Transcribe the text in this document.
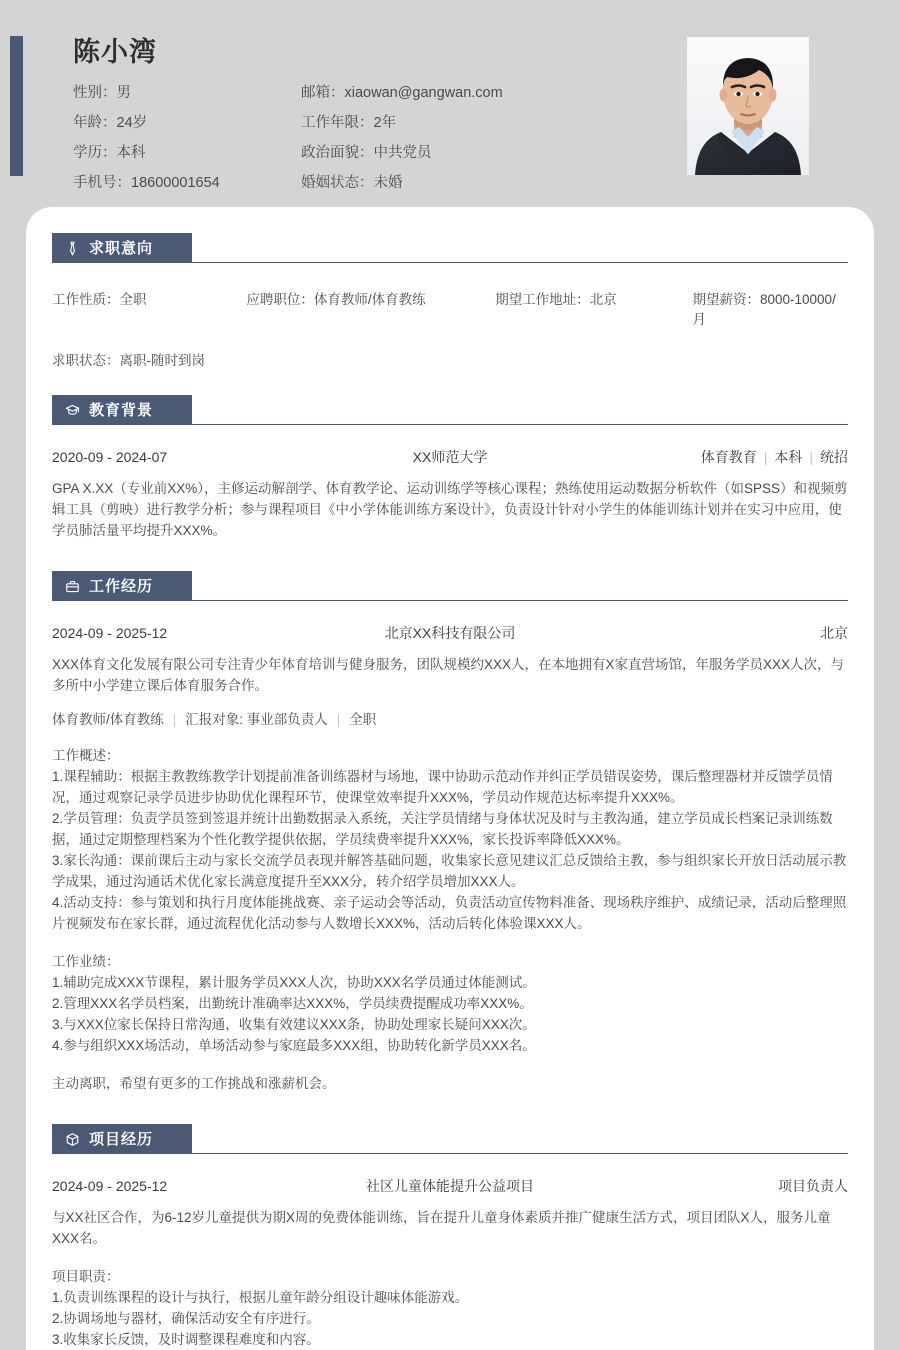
陈小湾
性别：男	邮箱：xiaowan@gangwan.com
年龄：24岁	工作年限：2年
学历：本科	政治面貌：中共党员
手机号：18600001654	婚姻状态：未婚
求职意向
工作性质：全职	应聘职位：体育教师/体育教练	期望工作地址：北京	期望薪资：8000-10000/月
求职状态：离职-随时到岗
教育背景
2020-09 - 2024-07	XX师范大学	体育教育 | 本科 | 统招

GPA X.XX（专业前XX%），主修运动解剖学、体育教学论、运动训练学等核心课程；熟练使用运动数据分析软件（如SPSS）和视频剪辑工具（剪映）进行教学分析；参与课程项目《中小学体能训练方案设计》，负责设计针对小学生的体能训练计划并在实习中应用，使学员肺活量平均提升XXX%。

工作经历
2024-09 - 2025-12	北京XX科技有限公司	北京

XXX体育文化发展有限公司专注青少年体育培训与健身服务，团队规模约XXX人，在本地拥有X家直营场馆，年服务学员XXX人次，与多所中小学建立课后体育服务合作。

体育教师/体育教练 | 汇报对象: 事业部负责人 | 全职

工作概述：

1.课程辅助：根据主教教练教学计划提前准备训练器材与场地，课中协助示范动作并纠正学员错误姿势，课后整理器材并反馈学员情况，通过观察记录学员进步协助优化课程环节，使课堂效率提升XXX%，学员动作规范达标率提升XXX%。

2.学员管理：负责学员签到签退并统计出勤数据录入系统，关注学员情绪与身体状况及时与主教沟通，建立学员成长档案记录训练数据，通过定期整理档案为个性化教学提供依据，学员续费率提升XXX%，家长投诉率降低XXX%。

3.家长沟通：课前课后主动与家长交流学员表现并解答基础问题，收集家长意见建议汇总反馈给主教，参与组织家长开放日活动展示教学成果，通过沟通话术优化家长满意度提升至XXX分，转介绍学员增加XXX人。

4.活动支持：参与策划和执行月度体能挑战赛、亲子运动会等活动，负责活动宣传物料准备、现场秩序维护、成绩记录，活动后整理照片视频发布在家长群，通过流程优化活动参与人数增长XXX%，活动后转化体验课XXX人。

工作业绩：

1.辅助完成XXX节课程，累计服务学员XXX人次，协助XXX名学员通过体能测试。

2.管理XXX名学员档案，出勤统计准确率达XXX%，学员续费提醒成功率XXX%。

3.与XXX位家长保持日常沟通，收集有效建议XXX条，协助处理家长疑问XXX次。

4.参与组织XXX场活动，单场活动参与家庭最多XXX组，协助转化新学员XXX名。

主动离职，希望有更多的工作挑战和涨薪机会。

项目经历
2024-09 - 2025-12	社区儿童体能提升公益项目	项目负责人

与XX社区合作，为6-12岁儿童提供为期X周的免费体能训练，旨在提升儿童身体素质并推广健康生活方式，项目团队X人，服务儿童XXX名。

项目职责：

1.负责训练课程的设计与执行，根据儿童年龄分组设计趣味体能游戏。

2.协调场地与器材，确保活动安全有序进行。

3.收集家长反馈，及时调整课程难度和内容。
